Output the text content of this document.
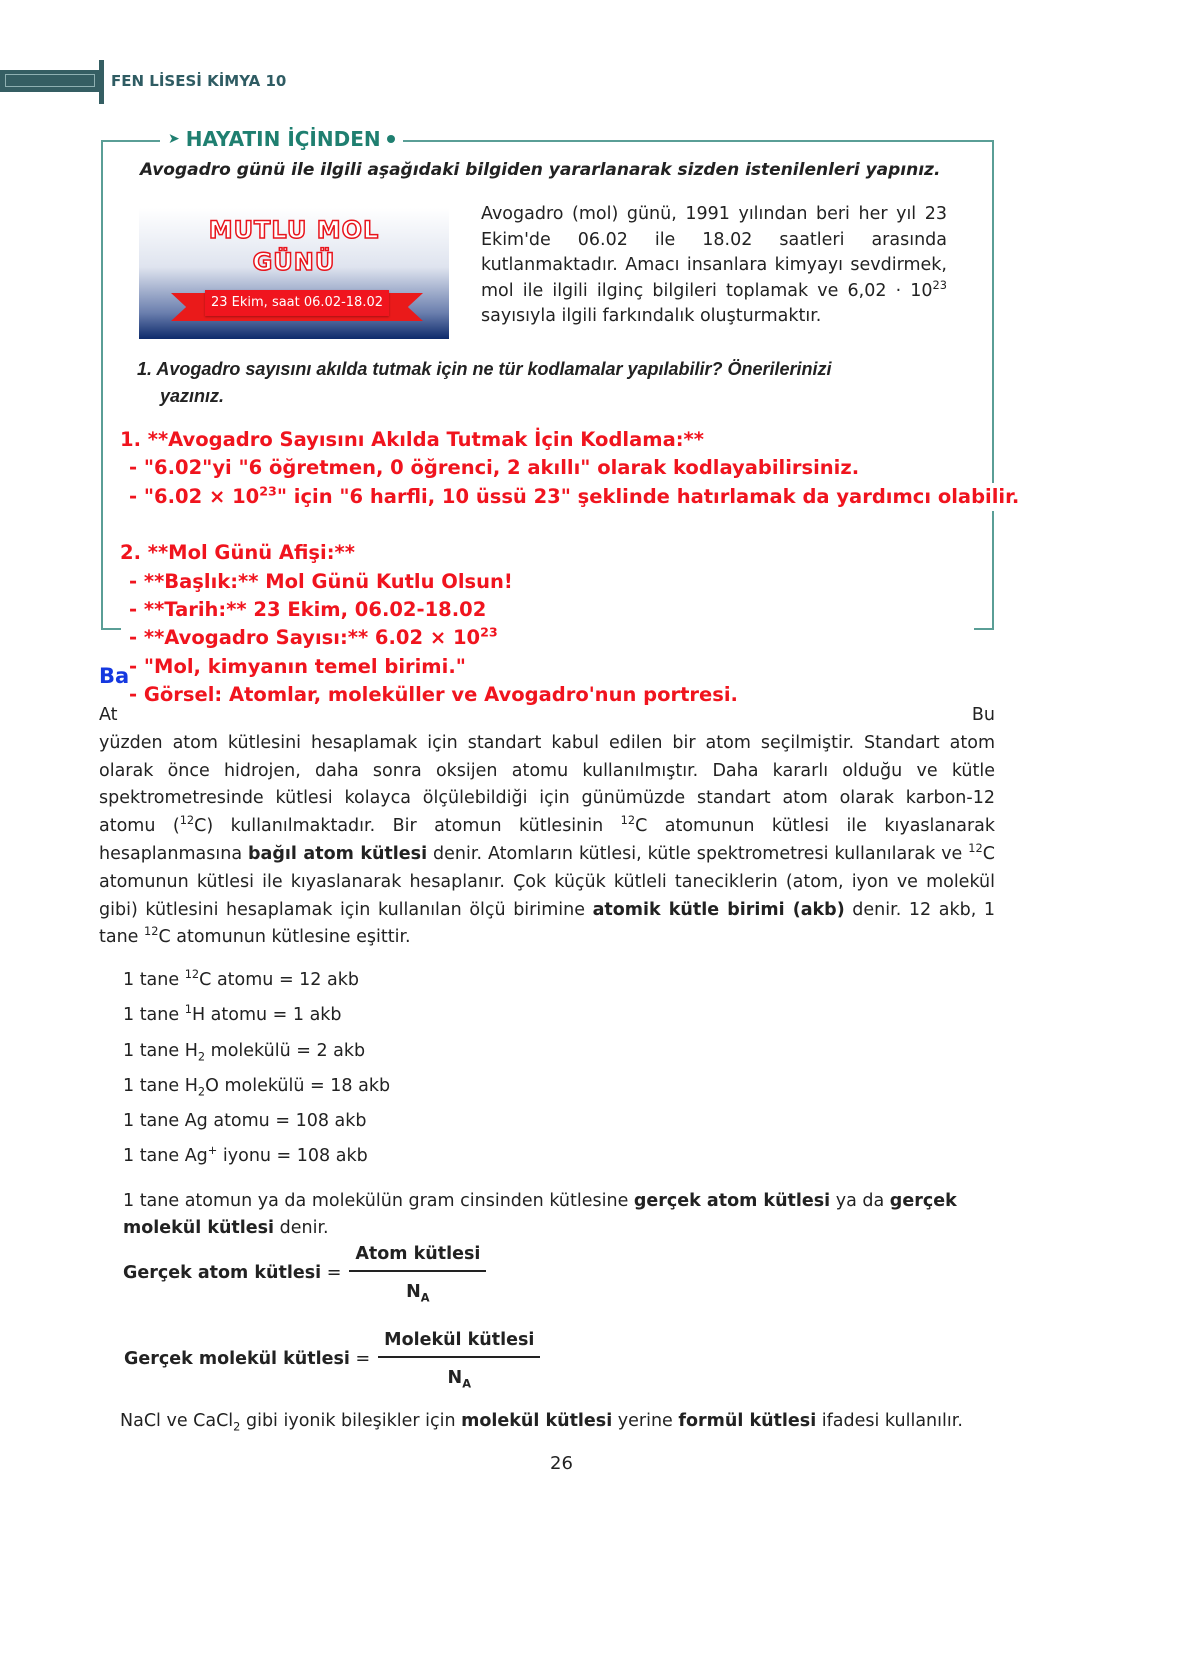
FEN LİSESİ KİMYA 10
➤ HAYATIN İÇİNDEN
Avogadro günü ile ilgili aşağıdaki bilgiden yararlanarak sizden istenilenleri yapınız.
MUTLU MOL
GÜNÜ
23 Ekim, saat 06.02-18.02
Avogadro (mol) günü, 1991 yılından beri her yıl 23 Ekim'de 06.02 ile 18.02 saatleri arasında kutlanmaktadır. Amacı insanlara kimyayı sevdirmek, mol ile ilgili ilginç bilgileri toplamak ve $6,02 \cdot 10^{23}$ sayısıyla ilgili farkındalık oluşturmaktır.
1. Avogadro sayısını akılda tutmak için ne tür kodlamalar yapılabilir? Önerilerinizi
yazınız.
Ba
At	Bu
yüzden atom kütlesini hesaplamak için standart kabul edilen bir atom seçilmiştir. Standart atom olarak önce hidrojen, daha sonra oksijen atomu kullanılmıştır. Daha kararlı olduğu ve kütle spektrometresinde kütlesi kolayca ölçülebildiği için günümüzde standart atom olarak karbon-12 atomu ($^{12}$C) kullanılmaktadır. Bir atomun kütlesinin $^{12}$C atomunun kütlesi ile kıyaslanarak hesaplanmasına bağıl atom kütlesi denir. Atomların kütlesi, kütle spektrometresi kullanılarak ve $^{12}$C atomunun kütlesi ile kıyaslanarak hesaplanır. Çok küçük kütleli taneciklerin (atom, iyon ve molekül gibi) kütlesini hesaplamak için kullanılan ölçü birimine atomik kütle birimi (akb) denir. 12 akb, 1 tane $^{12}$C atomunun kütlesine eşittir.
1. **Avogadro Sayısını Akılda Tutmak İçin Kodlama:**
- "6.02"yi "6 öğretmen, 0 öğrenci, 2 akıllı" olarak kodlayabilirsiniz.
- "$6.02 \times 10^{23}$" için "6 harfli, 10 üssü 23" şeklinde hatırlamak da yardımcı olabilir.
2. **Mol Günü Afişi:**
- **Başlık:** Mol Günü Kutlu Olsun!
- **Tarih:** 23 Ekim, 06.02-18.02
- **Avogadro Sayısı:** $6.02 \times 10^{23}$
- "Mol, kimyanın temel birimi."
- Görsel: Atomlar, moleküller ve Avogadro'nun portresi.
1 tane $^{12}$C atomu = 12 akb
1 tane $^1$H atomu = 1 akb
1 tane $H_2$ molekülü = 2 akb
1 tane $H_2O$ molekülü = 18 akb
1 tane Ag atomu = 108 akb
1 tane Ag+ iyonu = 108 akb
1 tane atomun ya da molekülün gram cinsinden kütlesine gerçek atom kütlesi ya da gerçek molekül kütlesi denir.
Gerçek atom kütlesi
= $\frac{\text{Atom kütlesi}}{N_A}$
Gerçek molekül kütlesi
= $\frac{\text{Molekül kütlesi}}{N_A}$
NaCl ve CaCl$_2$ gibi iyonik bileşikler için molekül kütlesi yerine formül kütlesi ifadesi kullanılır.
26
